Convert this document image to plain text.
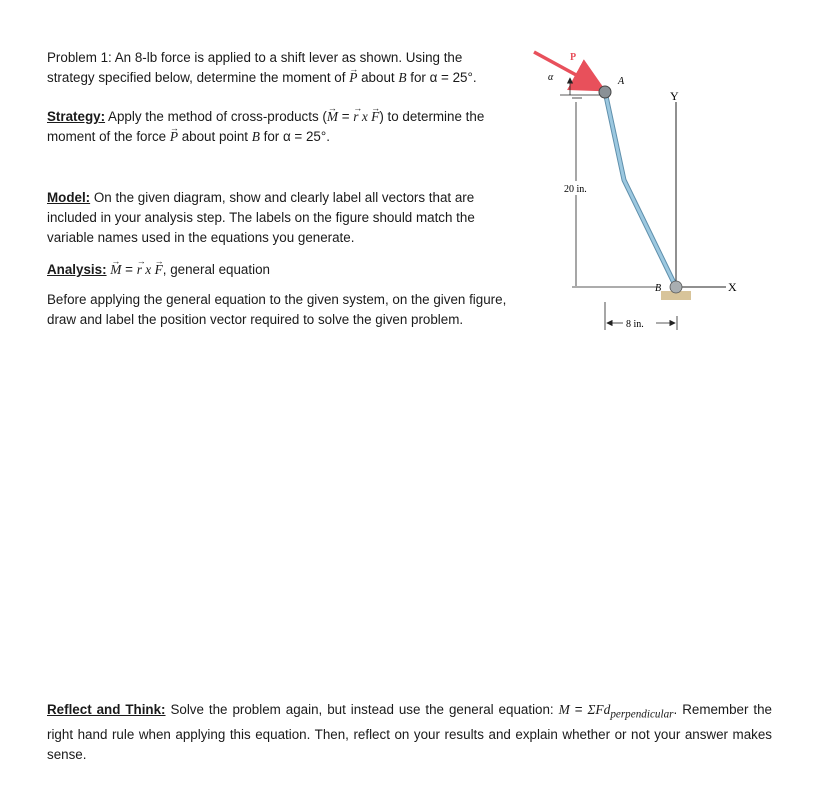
Problem 1: An 8-lb force is applied to a shift lever as shown. Using the
strategy specified below, determine the moment of P → about B for α = 25°.

Strategy: Apply the method of cross-products (M → = r → x F →) to determine the
moment of the force P → about point B for α = 25°.

Model: On the given diagram, show and clearly label all vectors that are
included in your analysis step. The labels on the figure should match the
variable names used in the equations you generate.

Analysis: M → = r → x F →, general equation

Before applying the general equation to the given system, on the given figure,
draw and label the position vector required to solve the given problem.

Reflect and Think: Solve the problem again, but instead use the general equation: M = ΣFd$_{perpendicular}$. Remember the right hand rule when applying this equation. Then, reflect on your results and explain whether or not your answer makes sense.
P
α
Y
X
A
B
20 in.
8 in.
